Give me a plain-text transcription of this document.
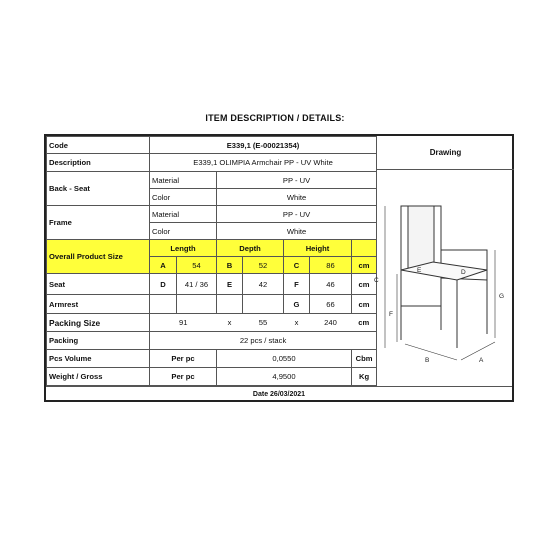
ITEM DESCRIPTION / DETAILS:
Code	E339,1 (E-00021354)						
Description	E339,1 OLIMPIA Armchair PP - UV White						
Back - Seat	Material		PP - UV				
	Color		White				
Frame	Material		PP - UV				
	Color		White				
Overall Product Size	Length		Depth		Height		
	A	54	B	52	C	86	cm
Seat	D	41 / 36	E	42	F	46	cm
Armrest					G	66	cm
Packing Size	91		x	55	x	240	cm
Packing	22 pcs / stack						
Pcs Volume	Per pc		0,0550				Cbm
Weight / Gross	Per pc		4,9500				Kg
Drawing
C
G
F
E	D
B	A
Date 26/03/2021
